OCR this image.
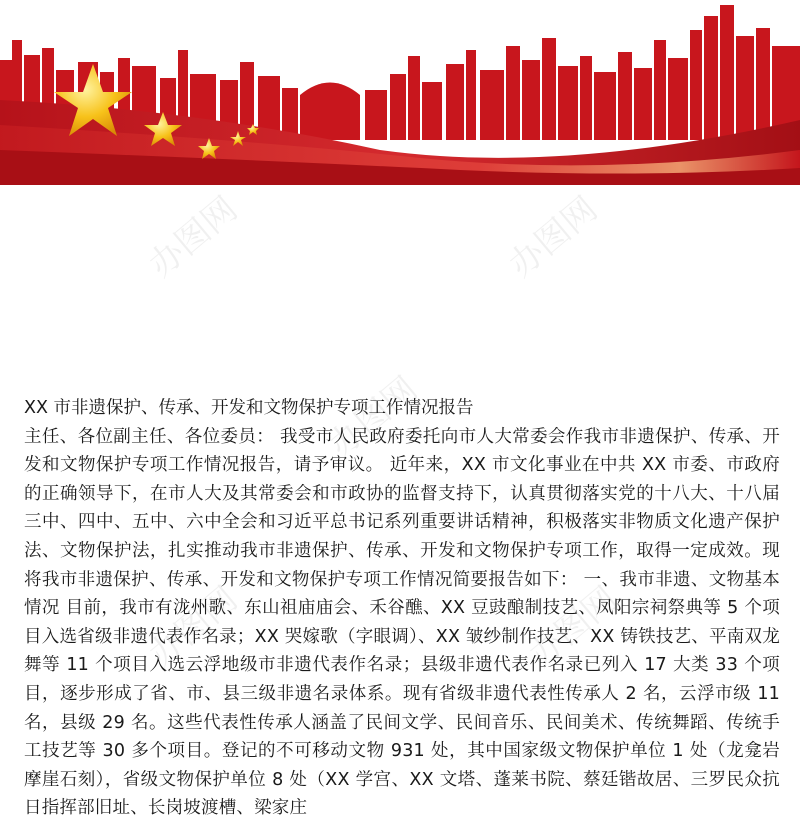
办图网	办图网
办图网
办图网	办图网
XX 市非遗保护、传承、开发和文物保护专项工作情况报告

主任、各位副主任、各位委员： 我受市人民政府委托向市人大常委会作我市非遗保护、传承、开发和文物保护专项工作情况报告，请予审议。 近年来，XX 市文化事业在中共 XX 市委、市政府的正确领导下，在市人大及其常委会和市政协的监督支持下，认真贯彻落实党的十八大、十八届三中、四中、五中、六中全会和习近平总书记系列重要讲话精神，积极落实非物质文化遗产保护法、文物保护法，扎实推动我市非遗保护、传承、开发和文物保护专项工作，取得一定成效。现将我市非遗保护、传承、开发和文物保护专项工作情况简要报告如下： 一、我市非遗、文物基本情况 目前，我市有泷州歌、东山祖庙庙会、禾谷醮、XX 豆豉酿制技艺、凤阳宗祠祭典等 5 个项目入选省级非遗代表作名录；XX 哭嫁歌（字眼调）、XX 皱纱制作技艺、XX 铸铁技艺、平南双龙舞等 11 个项目入选云浮地级市非遗代表作名录；县级非遗代表作名录已列入 17 大类 33 个项目，逐步形成了省、市、县三级非遗名录体系。现有省级非遗代表性传承人 2 名，云浮市级 11 名，县级 29 名。这些代表性传承人涵盖了民间文学、民间音乐、民间美术、传统舞蹈、传统手工技艺等 30 多个项目。登记的不可移动文物 931 处，其中国家级文物保护单位 1 处（龙龛岩摩崖石刻），省级文物保护单位 8 处（XX 学宫、XX 文塔、蓬莱书院、蔡廷锴故居、三罗民众抗日指挥部旧址、长岗坡渡槽、梁家庄
